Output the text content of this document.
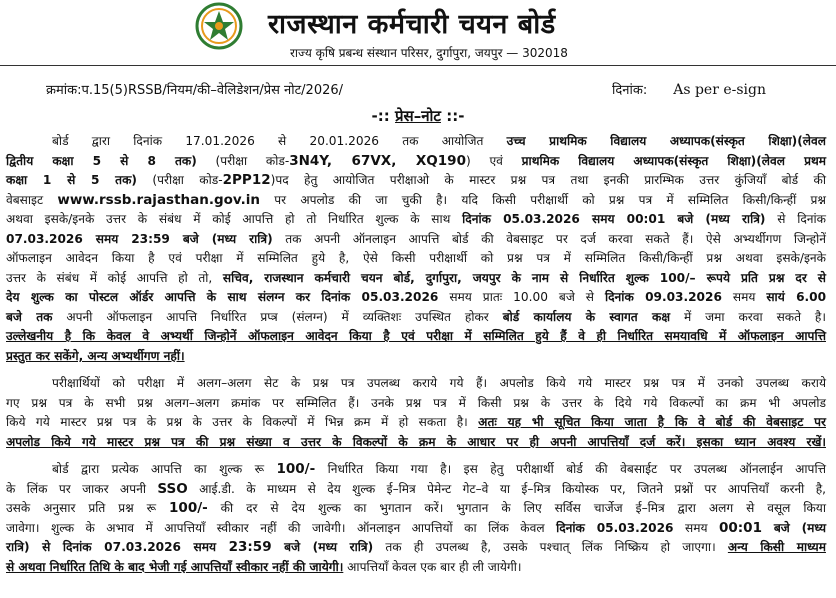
राजस्थान कर्मचारी चयन बोर्ड
राज्य कृषि प्रबन्ध संस्थान परिसर, दुर्गापुरा, जयपुर — 302018
क्रमांक:प.15(5)RSSB/नियम/की–वेलिडेशन/प्रेस नोट/2026/	दिनांक: As per e-sign
-:: प्रेस–नोट ::-
बोर्ड द्वारा दिनांक 17.01.2026 से 20.01.2026 तक आयोजित उच्च प्राथमिक विद्यालय अध्यापक(संस्कृत शिक्षा)(लेवल
द्वितीय कक्षा 5 से 8 तक) (परीक्षा कोड-3N4Y, 67VX, XQ190) एवं प्राथमिक विद्यालय अध्यापक(संस्कृत शिक्षा)(लेवल प्रथम
कक्षा 1 से 5 तक) (परीक्षा कोड-2PP12)पद हेतु आयोजित परीक्षाओ के मास्टर प्रश्न पत्र तथा इनकी प्रारम्भिक उत्तर कुंजियाँ बोर्ड की
वेबसाइट www.rssb.rajasthan.gov.in पर अपलोड की जा चुकी है। यदि किसी परीक्षार्थी को प्रश्न पत्र में सम्मिलित किसी/किन्हीं प्रश्न
अथवा इसके/इनके उत्तर के संबंध में कोई आपत्ति हो तो निर्धारित शुल्क के साथ दिनांक 05.03.2026 समय 00:01 बजे (मध्य रात्रि) से दिनांक
07.03.2026 समय 23:59 बजे (मध्य रात्रि) तक अपनी ऑनलाइन आपत्ति बोर्ड की वेबसाइट पर दर्ज करवा सकते हैं। ऐसे अभ्यर्थीगण जिन्होनें
ऑफलाइन आवेदन किया है एवं परीक्षा में सम्मिलित हुये है, ऐसे किसी परीक्षार्थी को प्रश्न पत्र में सम्मिलित किसी/किन्हीं प्रश्न अथवा इसके/इनके
उत्तर के संबंध में कोई आपत्ति हो तो, सचिव, राजस्थान कर्मचारी चयन बोर्ड, दुर्गापुरा, जयपुर के नाम से निर्धारित शुल्क 100/– रूपये प्रति प्रश्न दर से
देय शुल्क का पोस्टल ऑर्डर आपत्ति के साथ संलग्न कर दिनांक 05.03.2026 समय प्रातः 10.00 बजे से दिनांक 09.03.2026 समय सायं 6.00
बजे तक अपनी ऑफलाइन आपत्ति निर्धारित प्रप्त्र (संलग्न) में व्यक्तिशः उपस्थित होकर बोर्ड कार्यालय के स्वागत कक्ष में जमा करवा सकते है।
उल्लेखनीय है कि केवल वे अभ्यर्थी जिन्होनें ऑफलाइन आवेदन किया है एवं परीक्षा में सम्मिलित हुये हैं वे ही निर्धारित समयावधि में ऑफलाइन आपत्ति
प्रस्तुत कर सकेंगे, अन्य अभ्यर्थीगण नहीं।
परीक्षार्थियों को परीक्षा में अलग–अलग सेट के प्रश्न पत्र उपलब्ध कराये गये हैं। अपलोड किये गये मास्टर प्रश्न पत्र में उनको उपलब्ध कराये
गए प्रश्न पत्र के सभी प्रश्न अलग–अलग क्रमांक पर सम्मिलित हैं। उनके प्रश्न पत्र में किसी प्रश्न के उत्तर के दिये गये विकल्पों का क्रम भी अपलोड
किये गये मास्टर प्रश्न पत्र के प्रश्न के उत्तर के विकल्पों में भिन्न क्रम में हो सकता है। अतः यह भी सूचित किया जाता है कि वे बोर्ड की वेबसाइट पर
अपलोड किये गये मास्टर प्रश्न पत्र की प्रश्न संख्या व उत्तर के विकल्पों के क्रम के आधार पर ही अपनी आपत्तियाँ दर्ज करें। इसका ध्यान अवश्य रखें।
बोर्ड द्वारा प्रत्येक आपत्ति का शुल्क रू 100/- निर्धारित किया गया है। इस हेतु परीक्षार्थी बोर्ड की वेबसाईट पर उपलब्ध ऑनलाईन आपत्ति
के लिंक पर जाकर अपनी SSO आई.डी. के माध्यम से देय शुल्क ई–मित्र पेमेन्ट गेट–वे या ई–मित्र कियोस्क पर, जितने प्रश्नों पर आपत्तियाँ करनी है,
उसके अनुसार प्रति प्रश्न रू 100/- की दर से देय शुल्क का भुगतान करें। भुगतान के लिए सर्विस चार्जेज ई–मित्र द्वारा अलग से वसूल किया
जावेगा। शुल्क के अभाव में आपत्तियाँ स्वीकार नहीं की जावेगी। ऑनलाइन आपत्तियों का लिंक केवल दिनांक 05.03.2026 समय 00:01 बजे (मध्य
रात्रि) से दिनांक 07.03.2026 समय 23:59 बजे (मध्य रात्रि) तक ही उपलब्ध है, उसके पश्चात् लिंक निष्क्रिय हो जाएगा। अन्य किसी माध्यम
से अथवा निर्धारित तिथि के बाद भेजी गई आपत्तियाँ स्वीकार नहीं की जायेगी। आपत्तियाँ केवल एक बार ही ली जायेगी।
